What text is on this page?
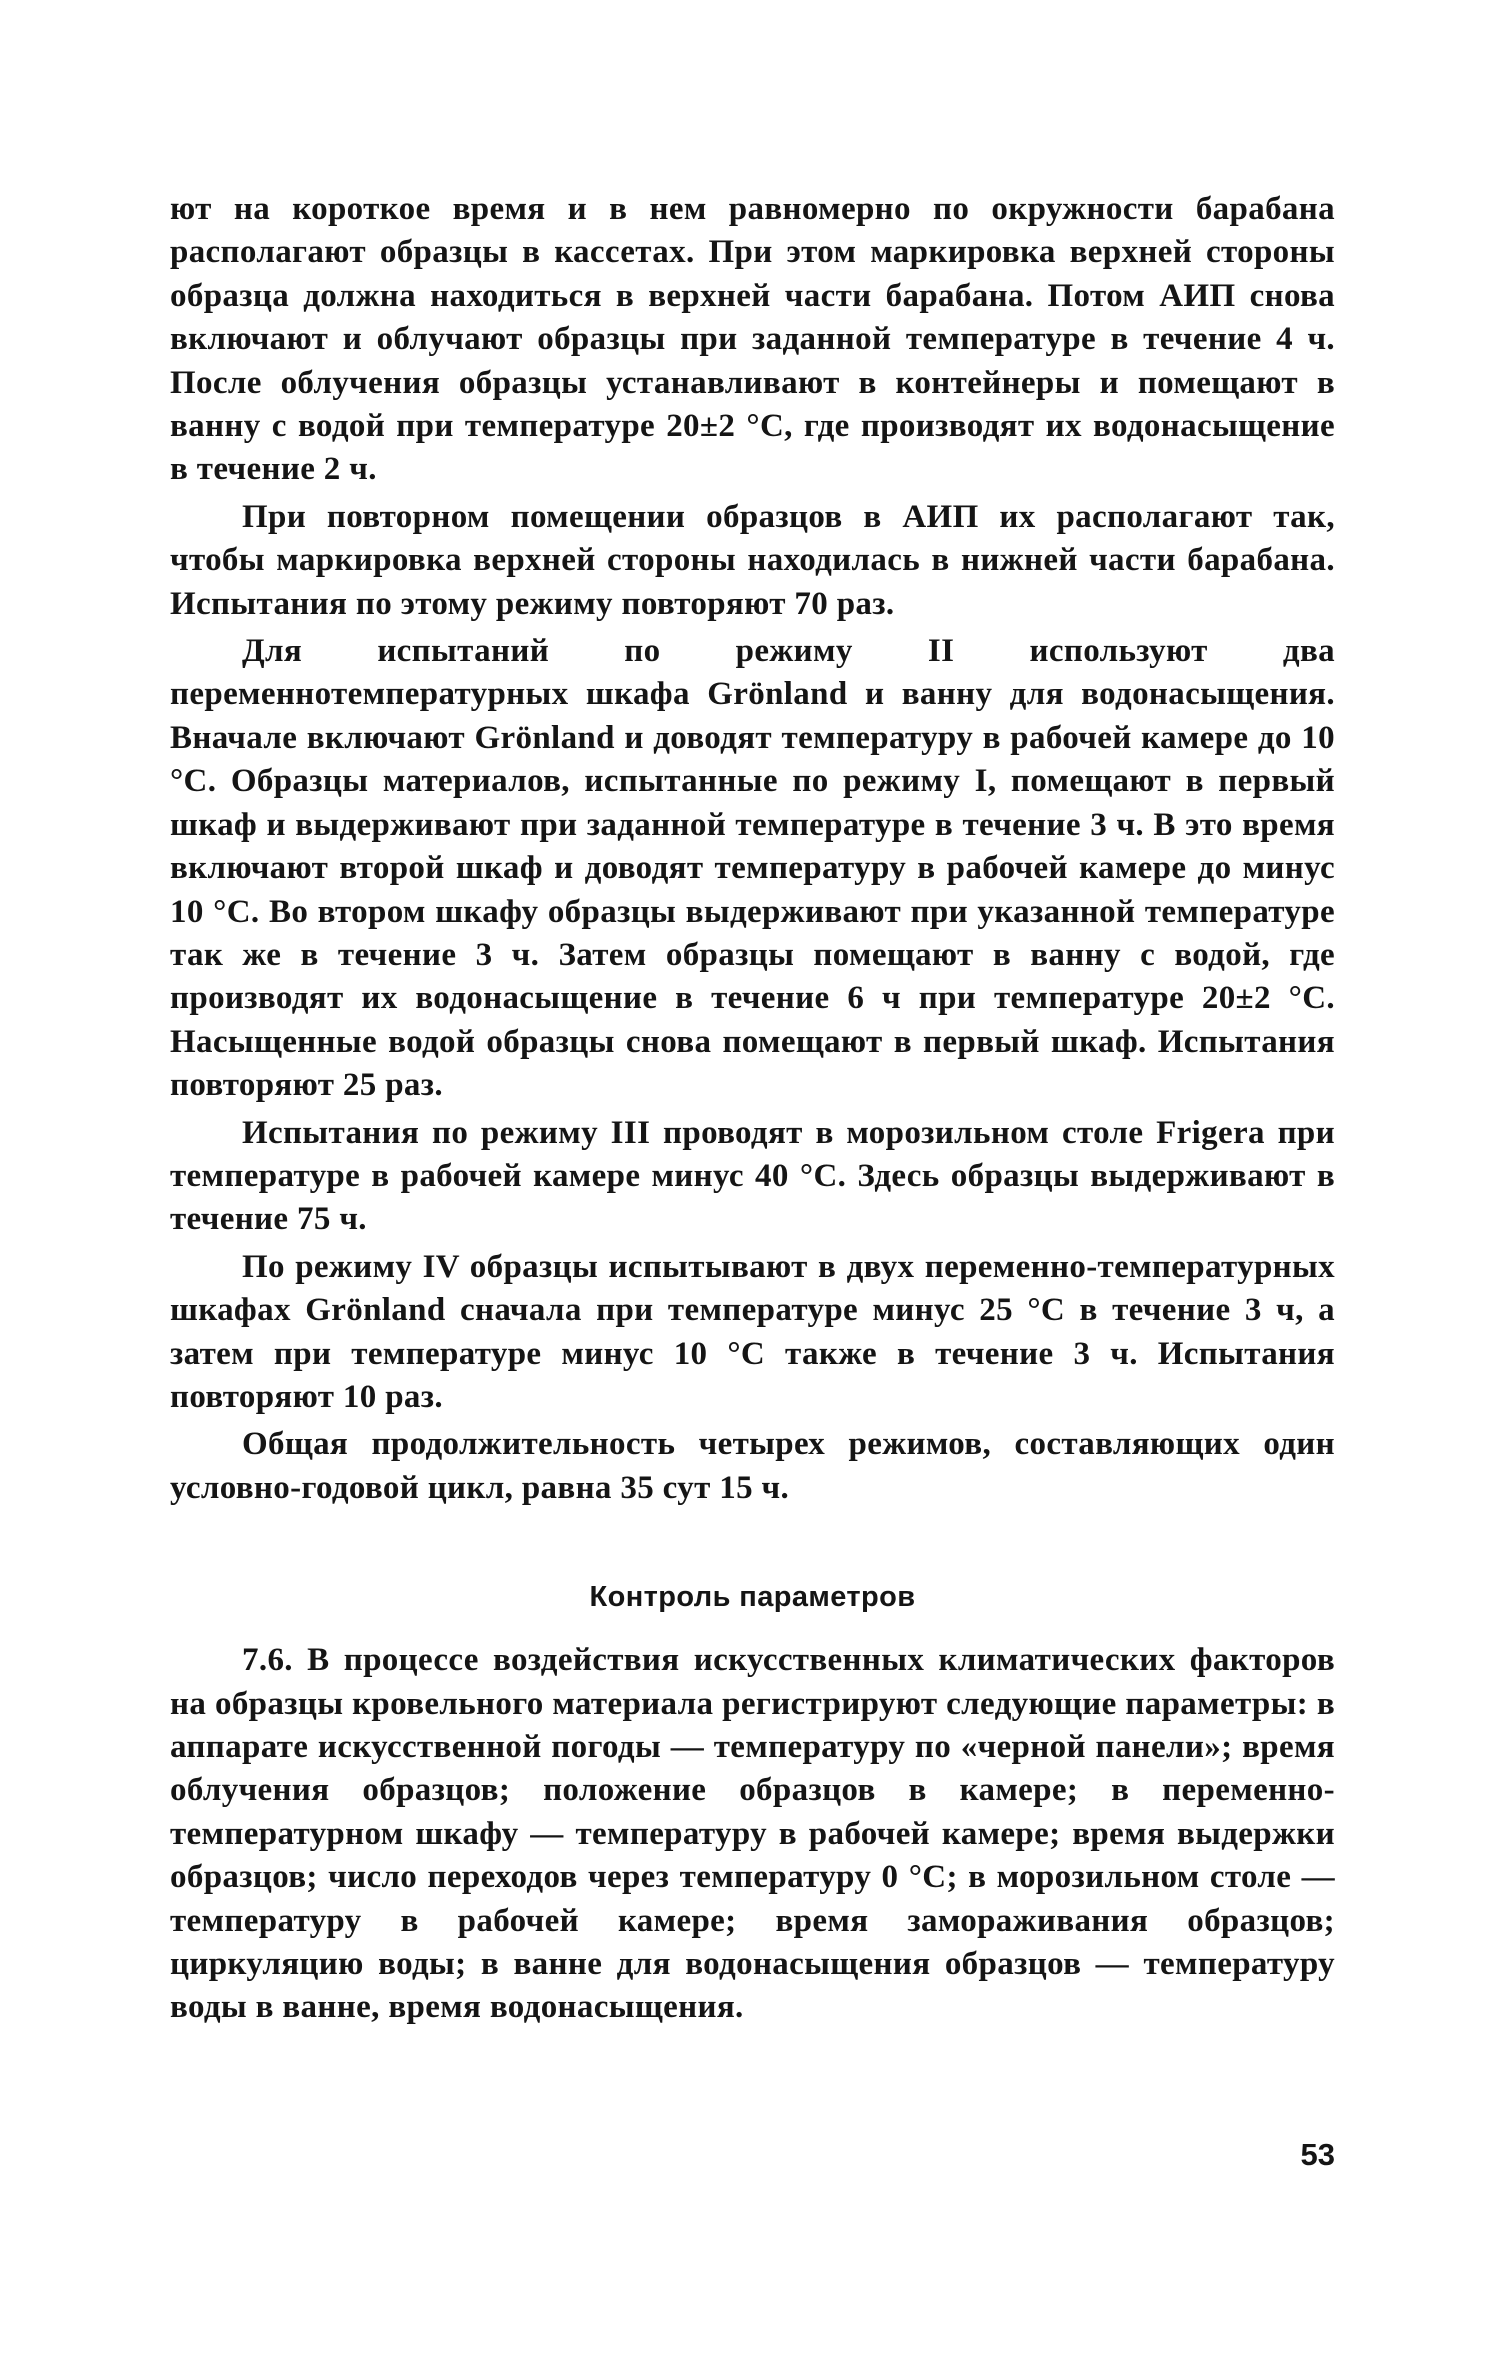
ют на короткое время и в нем равномерно по окружности барабана располагают образцы в кассетах. При этом маркировка верхней стороны образца должна находиться в верхней части барабана. Потом АИП снова включают и облучают образцы при заданной температуре в течение 4 ч. После облучения образцы устанавливают в контейнеры и помещают в ванну с водой при температуре 20±2 °С, где производят их водонасыщение в течение 2 ч.

При повторном помещении образцов в АИП их располагают так, чтобы маркировка верхней стороны находилась в нижней части барабана. Испытания по этому режиму повторяют 70 раз.

Для испытаний по режиму II используют два переменнотемпературных шкафа Grönland и ванну для водонасыщения. Вначале включают Grönland и доводят температуру в рабочей камере до 10 °С. Образцы материалов, испытанные по режиму I, помещают в первый шкаф и выдерживают при заданной температуре в течение 3 ч. В это время включают второй шкаф и доводят температуру в рабочей камере до минус 10 °С. Во втором шкафу образцы выдерживают при указанной температуре так же в течение 3 ч. Затем образцы помещают в ванну с водой, где производят их водонасыщение в течение 6 ч при температуре 20±2 °С. Насыщенные водой образцы снова помещают в первый шкаф. Испытания повторяют 25 раз.

Испытания по режиму III проводят в морозильном столе Frigera при температуре в рабочей камере минус 40 °С. Здесь образцы выдерживают в течение 75 ч.

По режиму IV образцы испытывают в двух переменно-температурных шкафах Grönland сначала при температуре минус 25 °С в течение 3 ч, а затем при температуре минус 10 °С также в течение 3 ч. Испытания повторяют 10 раз.

Общая продолжительность четырех режимов, составляющих один условно-годовой цикл, равна 35 сут 15 ч.

Контроль параметров

7.6. В процессе воздействия искусственных климатических факторов на образцы кровельного материала регистрируют следующие параметры: в аппарате искусственной погоды — температуру по «черной панели»; время облучения образцов; положение образцов в камере; в переменно-температурном шкафу — температуру в рабочей камере; время выдержки образцов; число переходов через температуру 0 °С; в морозильном столе — температуру в рабочей камере; время замораживания образцов; циркуляцию воды; в ванне для водонасыщения образцов — температуру воды в ванне, время водонасыщения.

53
